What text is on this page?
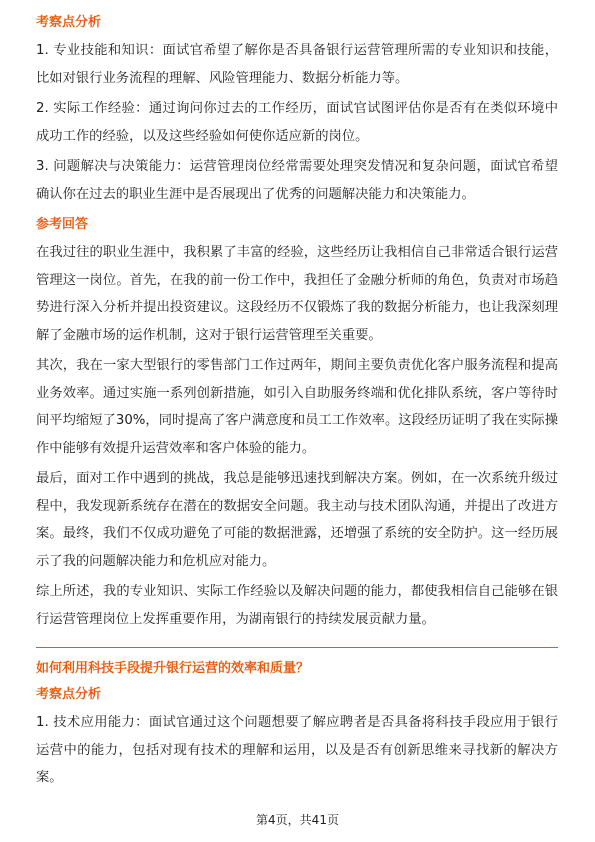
考察点分析

1. 专业技能和知识：面试官希望了解你是否具备银行运营管理所需的专业知识和技能，比如对银行业务流程的理解、风险管理能力、数据分析能力等。

2. 实际工作经验：通过询问你过去的工作经历，面试官试图评估你是否有在类似环境中成功工作的经验，以及这些经验如何使你适应新的岗位。

3. 问题解决与决策能力：运营管理岗位经常需要处理突发情况和复杂问题，面试官希望确认你在过去的职业生涯中是否展现出了优秀的问题解决能力和决策能力。

参考回答

在我过往的职业生涯中，我积累了丰富的经验，这些经历让我相信自己非常适合银行运营管理这一岗位。首先，在我的前一份工作中，我担任了金融分析师的角色，负责对市场趋势进行深入分析并提出投资建议。这段经历不仅锻炼了我的数据分析能力，也让我深刻理解了金融市场的运作机制，这对于银行运营管理至关重要。

其次，我在一家大型银行的零售部门工作过两年，期间主要负责优化客户服务流程和提高业务效率。通过实施一系列创新措施，如引入自助服务终端和优化排队系统，客户等待时间平均缩短了30%，同时提高了客户满意度和员工工作效率。这段经历证明了我在实际操作中能够有效提升运营效率和客户体验的能力。

最后，面对工作中遇到的挑战，我总是能够迅速找到解决方案。例如，在一次系统升级过程中，我发现新系统存在潜在的数据安全问题。我主动与技术团队沟通，并提出了改进方案。最终，我们不仅成功避免了可能的数据泄露，还增强了系统的安全防护。这一经历展示了我的问题解决能力和危机应对能力。

综上所述，我的专业知识、实际工作经验以及解决问题的能力，都使我相信自己能够在银行运营管理岗位上发挥重要作用，为湖南银行的持续发展贡献力量。

如何利用科技手段提升银行运营的效率和质量？
考察点分析

1. 技术应用能力：面试官通过这个问题想要了解应聘者是否具备将科技手段应用于银行运营中的能力，包括对现有技术的理解和运用，以及是否有创新思维来寻找新的解决方案。

第4页，共41页
